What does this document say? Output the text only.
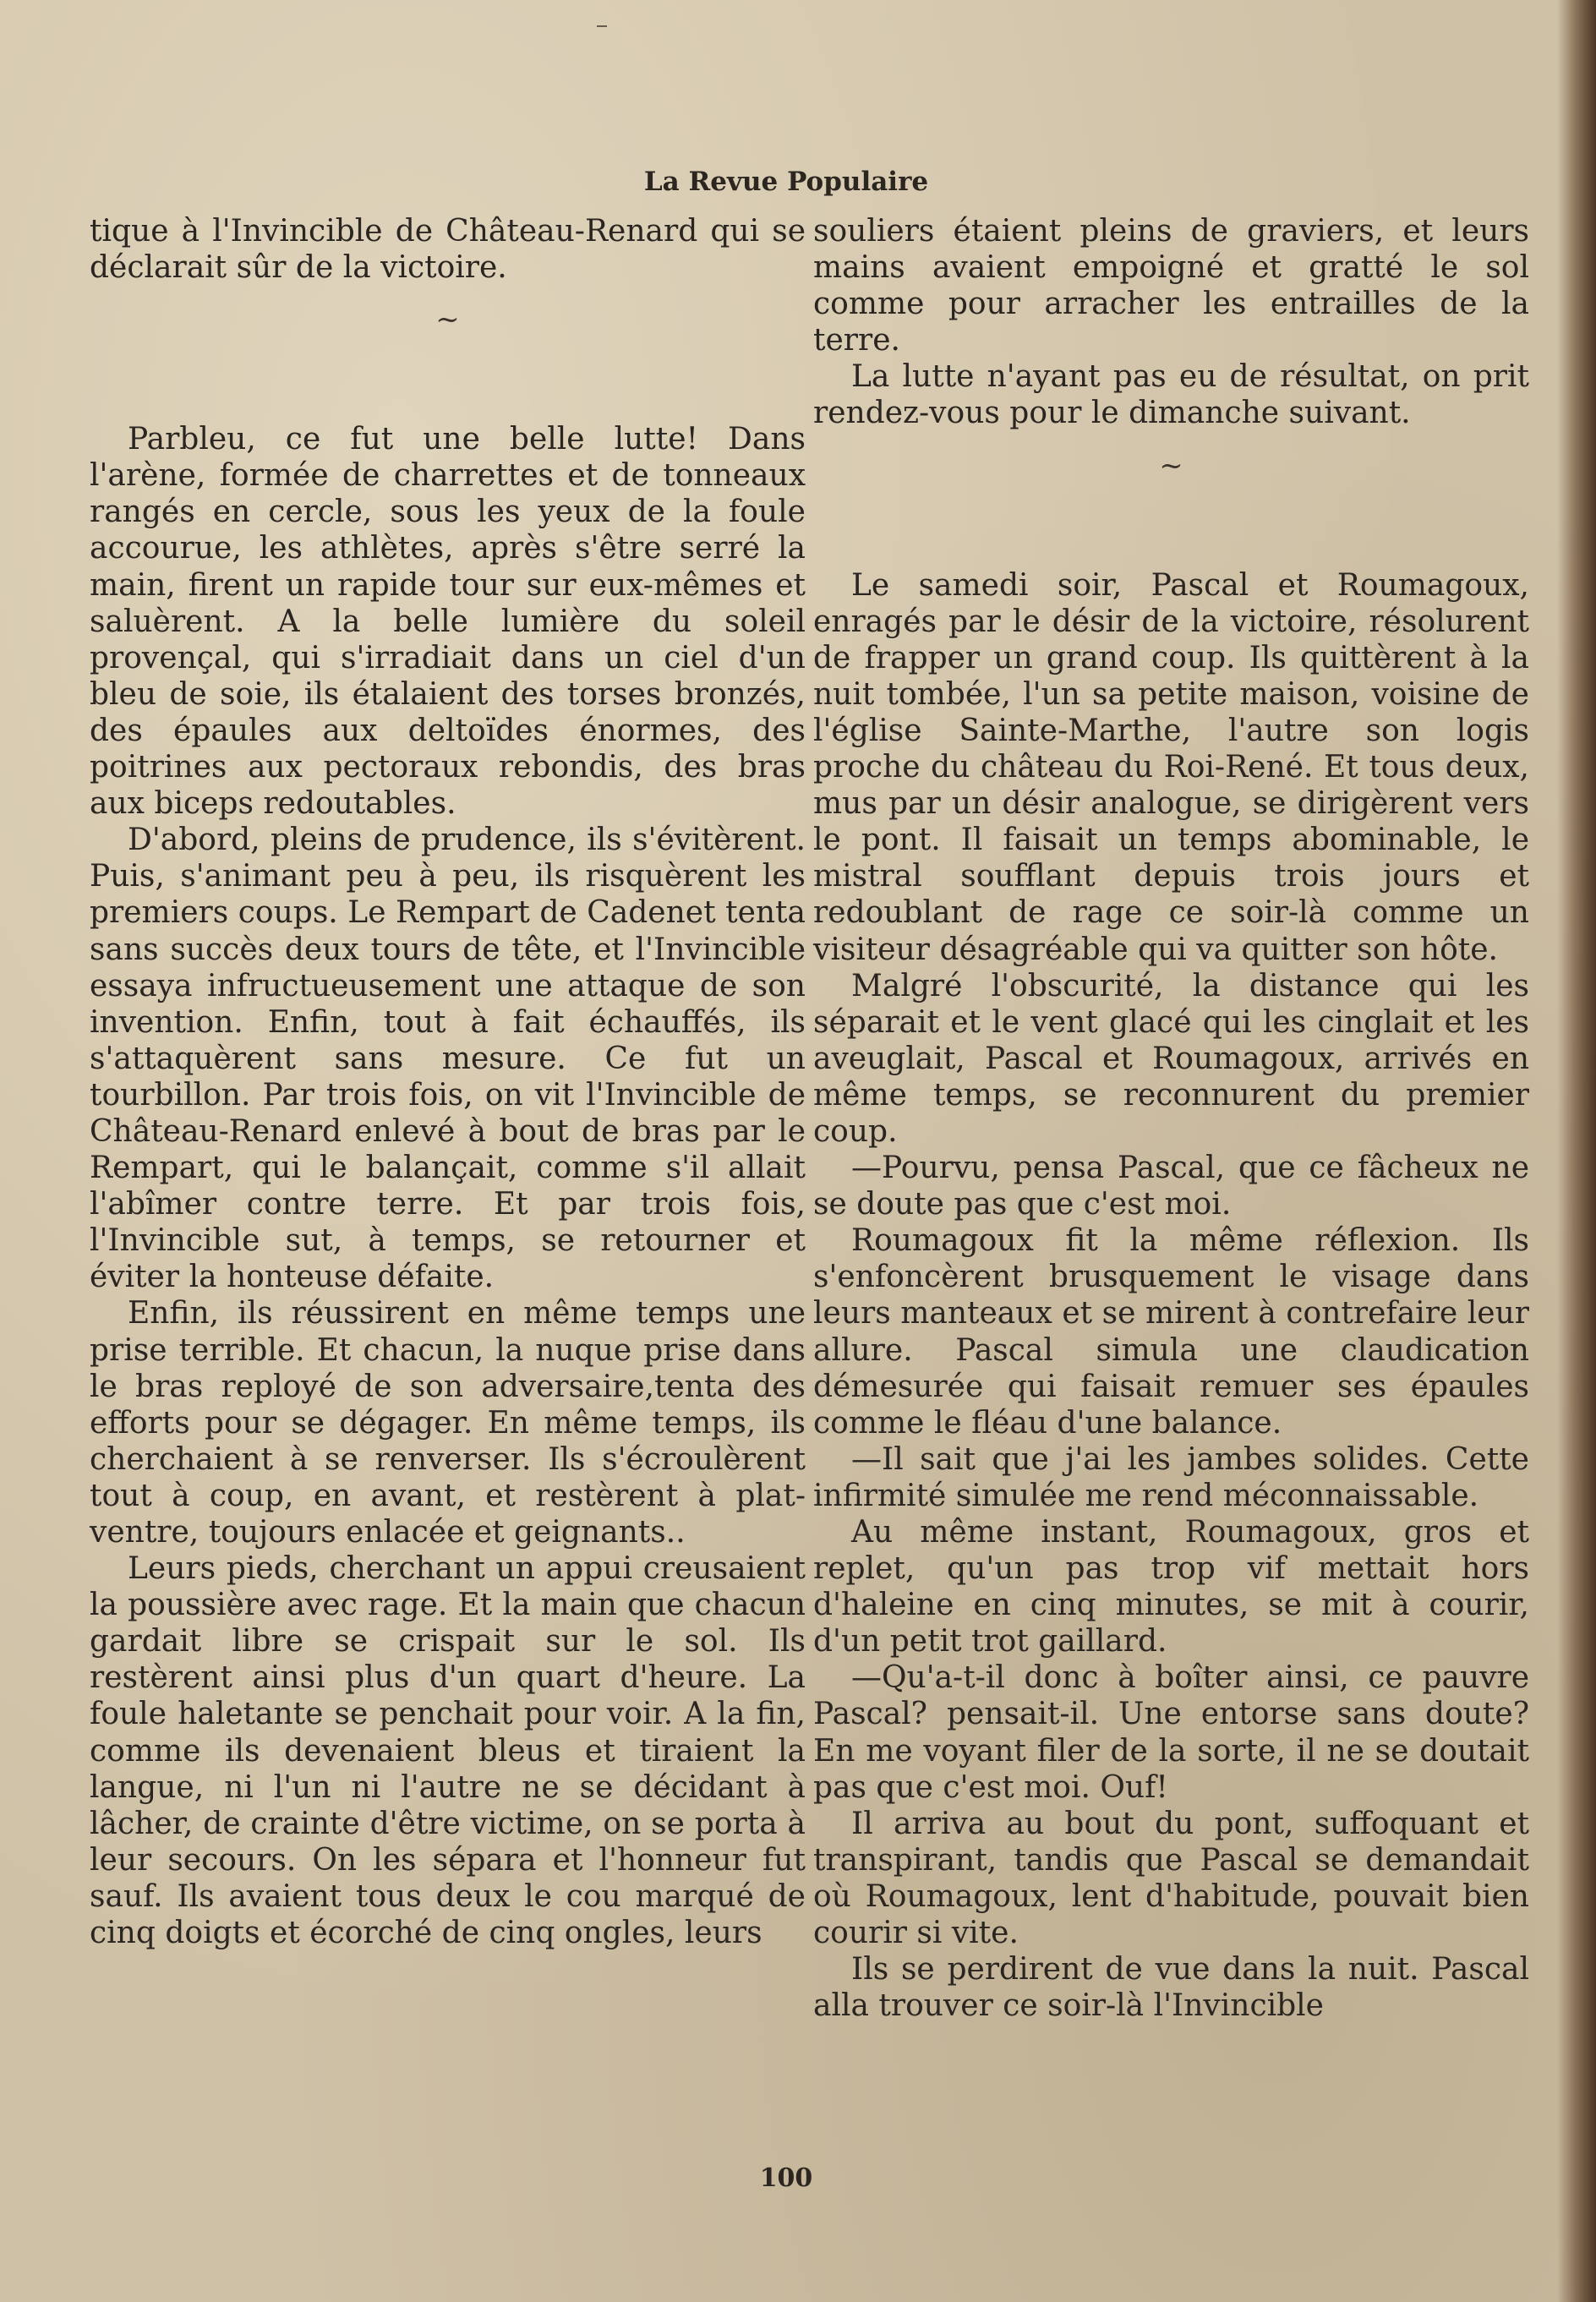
La Revue Populaire

tique à l'Invincible de Château-Renard qui se déclarait sûr de la victoire.

~

Parbleu, ce fut une belle lutte! Dans l'arène, formée de charrettes et de tonneaux rangés en cercle, sous les yeux de la foule accourue, les athlètes, après s'être serré la main, firent un rapide tour sur eux-mêmes et saluèrent. A la belle lumière du soleil provençal, qui s'irradiait dans un ciel d'un bleu de soie, ils étalaient des torses bronzés, des épaules aux deltoïdes énormes, des poitrines aux pectoraux rebondis, des bras aux biceps redoutables.

D'abord, pleins de prudence, ils s'évitèrent. Puis, s'animant peu à peu, ils risquèrent les premiers coups. Le Rempart de Cadenet tenta sans succès deux tours de tête, et l'Invincible essaya infructueusement une attaque de son invention. Enfin, tout à fait échauffés, ils s'attaquèrent sans mesure. Ce fut un tourbillon. Par trois fois, on vit l'Invincible de Château-Renard enlevé à bout de bras par le Rempart, qui le balançait, comme s'il allait l'abîmer contre terre. Et par trois fois, l'Invincible sut, à temps, se retourner et éviter la honteuse défaite.

Enfin, ils réussirent en même temps une prise terrible. Et chacun, la nuque prise dans le bras reployé de son adversaire,tenta des efforts pour se dégager. En même temps, ils cherchaient à se renverser. Ils s'écroulèrent tout à coup, en avant, et restèrent à plat-ventre, toujours enlacée et geignants..

Leurs pieds, cherchant un appui creusaient la poussière avec rage. Et la main que chacun gardait libre se crispait sur le sol. Ils restèrent ainsi plus d'un quart d'heure. La foule haletante se penchait pour voir. A la fin, comme ils devenaient bleus et tiraient la langue, ni l'un ni l'autre ne se décidant à lâcher, de crainte d'être victime, on se porta à leur secours. On les sépara et l'honneur fut sauf. Ils avaient tous deux le cou marqué de cinq doigts et écorché de cinq ongles, leurs

souliers étaient pleins de graviers, et leurs mains avaient empoigné et gratté le sol comme pour arracher les entrailles de la terre.

La lutte n'ayant pas eu de résultat, on prit rendez-vous pour le dimanche suivant.

~

Le samedi soir, Pascal et Roumagoux, enragés par le désir de la victoire, résolurent de frapper un grand coup. Ils quittèrent à la nuit tombée, l'un sa petite maison, voisine de l'église Sainte-Marthe, l'autre son logis proche du château du Roi-René. Et tous deux, mus par un désir analogue, se dirigèrent vers le pont. Il faisait un temps abominable, le mistral soufflant depuis trois jours et redoublant de rage ce soir-là comme un visiteur désagréable qui va quitter son hôte.

Malgré l'obscurité, la distance qui les séparait et le vent glacé qui les cinglait et les aveuglait, Pascal et Roumagoux, arrivés en même temps, se reconnurent du premier coup.

—Pourvu, pensa Pascal, que ce fâcheux ne se doute pas que c'est moi.

Roumagoux fit la même réflexion. Ils s'enfoncèrent brusquement le visage dans leurs manteaux et se mirent à contrefaire leur allure. Pascal simula une claudication démesurée qui faisait remuer ses épaules comme le fléau d'une balance.

—Il sait que j'ai les jambes solides. Cette infirmité simulée me rend méconnaissable.

Au même instant, Roumagoux, gros et replet, qu'un pas trop vif mettait hors d'haleine en cinq minutes, se mit à courir, d'un petit trot gaillard.

—Qu'a-t-il donc à boîter ainsi, ce pauvre Pascal? pensait-il. Une entorse sans doute? En me voyant filer de la sorte, il ne se doutait pas que c'est moi. Ouf!

Il arriva au bout du pont, suffoquant et transpirant, tandis que Pascal se demandait où Roumagoux, lent d'habitude, pouvait bien courir si vite.

Ils se perdirent de vue dans la nuit. Pascal alla trouver ce soir-là l'Invincible

100
